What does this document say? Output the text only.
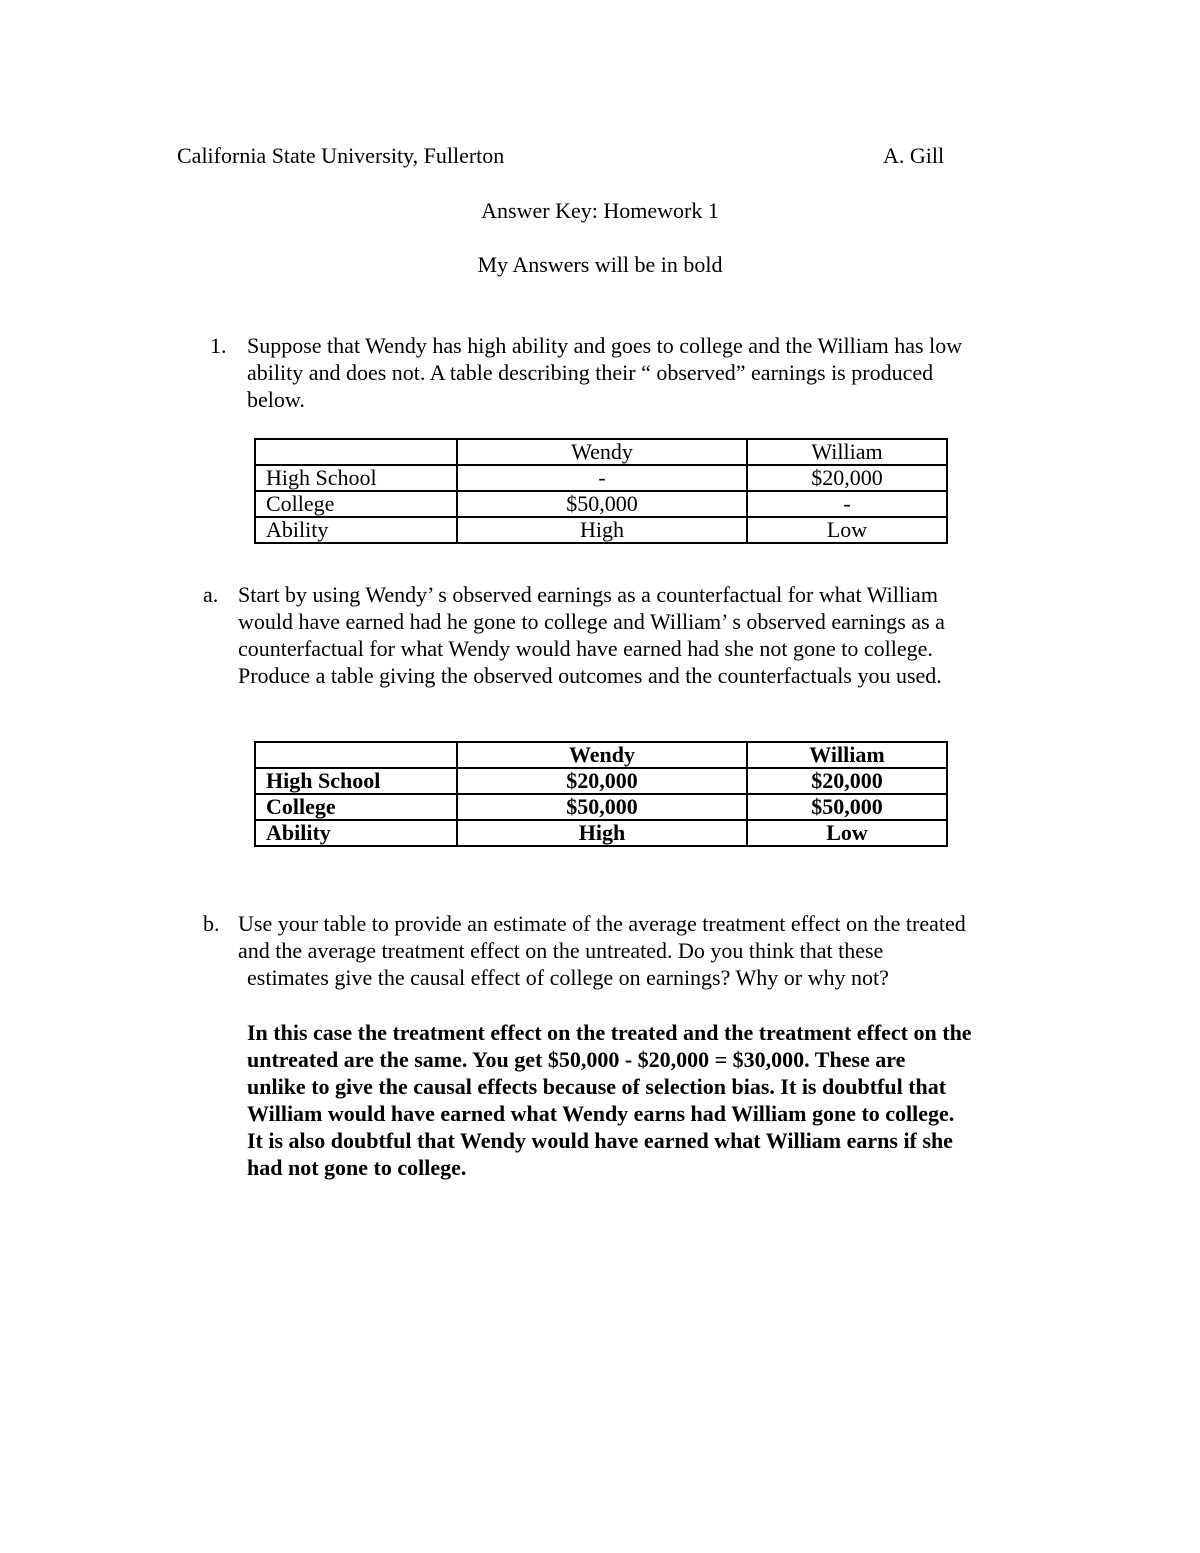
California State University, Fullerton	A. Gill
Answer Key: Homework 1
My Answers will be in bold
1. Suppose that Wendy has high ability and goes to college and the William has low
ability and does not. A table describing their “ observed” earnings is produced
below.
	Wendy	William
High School	-	$20,000
College	$50,000	-
Ability	High	Low
a. Start by using Wendy’ s observed earnings as a counterfactual for what William
would have earned had he gone to college and William’ s observed earnings as a
counterfactual for what Wendy would have earned had she not gone to college.
Produce a table giving the observed outcomes and the counterfactuals you used.
	Wendy	William
High School	$20,000	$20,000
College	$50,000	$50,000
Ability	High	Low
b. Use your table to provide an estimate of the average treatment effect on the treated
and the average treatment effect on the untreated. Do you think that these
estimates give the causal effect of college on earnings? Why or why not?
In this case the treatment effect on the treated and the treatment effect on the
untreated are the same. You get $50,000 - $20,000 = $30,000. These are
unlike to give the causal effects because of selection bias. It is doubtful that
William would have earned what Wendy earns had William gone to college.
It is also doubtful that Wendy would have earned what William earns if she
had not gone to college.
